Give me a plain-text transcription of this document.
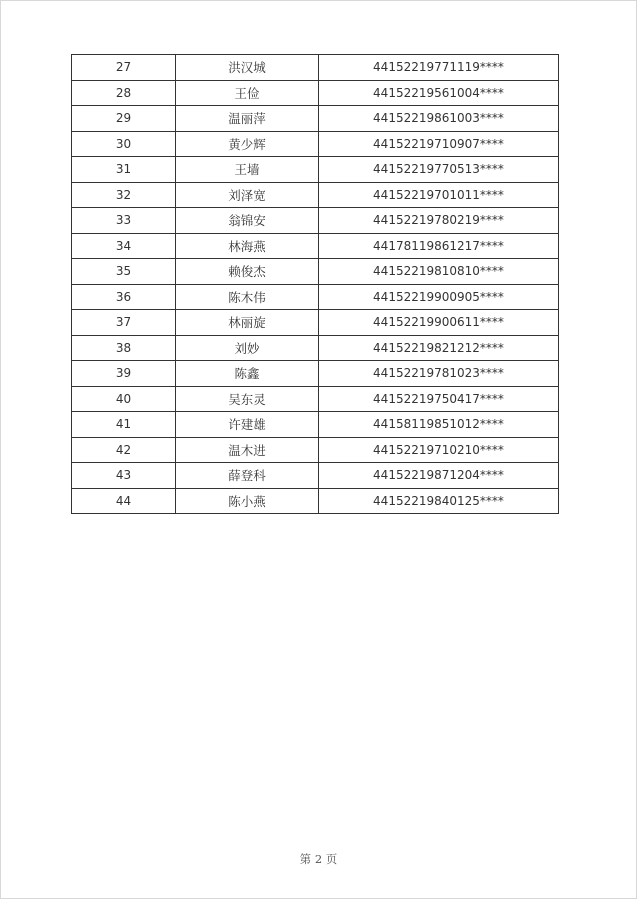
27	洪汉城	44152219771119****
28	王俭	44152219561004****
29	温丽萍	44152219861003****
30	黄少辉	44152219710907****
31	王墙	44152219770513****
32	刘泽宽	44152219701011****
33	翁锦安	44152219780219****
34	林海燕	44178119861217****
35	赖俊杰	44152219810810****
36	陈木伟	44152219900905****
37	林丽旋	44152219900611****
38	刘妙	44152219821212****
39	陈鑫	44152219781023****
40	吴东灵	44152219750417****
41	许建雄	44158119851012****
42	温木进	44152219710210****
43	薛登科	44152219871204****
44	陈小燕	44152219840125****
第 2 页
